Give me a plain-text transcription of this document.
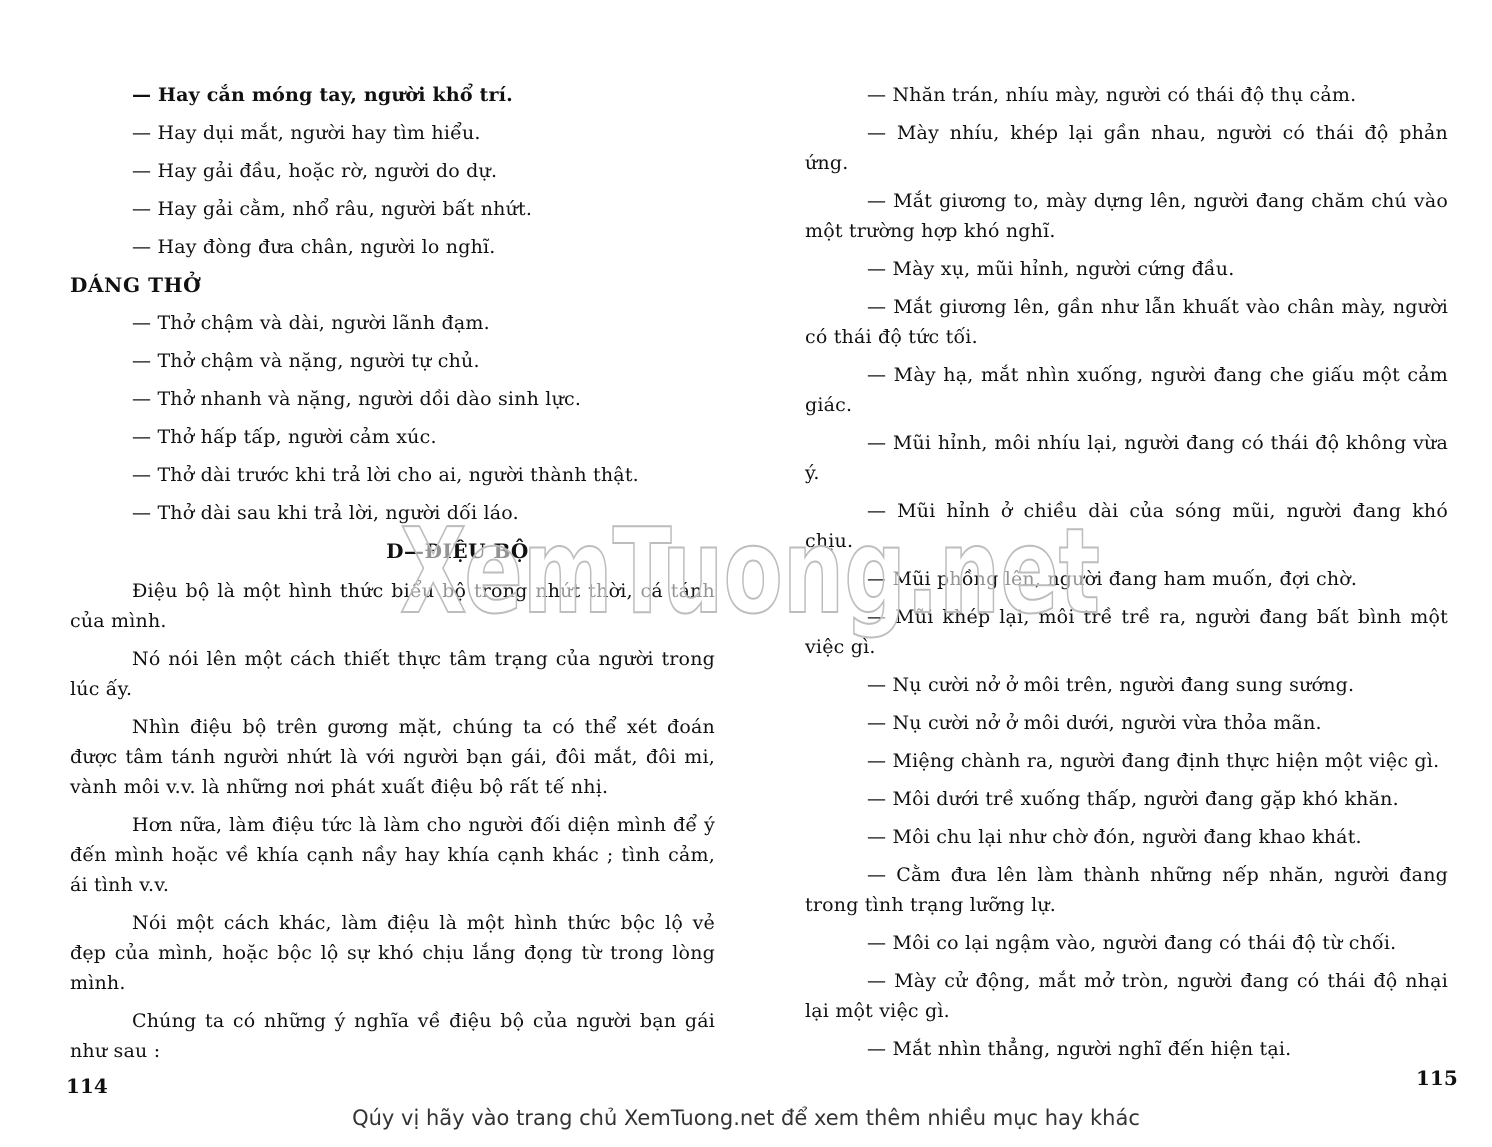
— Hay cắn móng tay, người khổ trí.

— Hay dụi mắt, người hay tìm hiểu.

— Hay gải đầu, hoặc rờ, người do dự.

— Hay gải cằm, nhổ râu, người bất nhứt.

— Hay đòng đưa chân, người lo nghĩ.

DÁNG THỞ

— Thở chậm và dài, người lãnh đạm.

— Thở chậm và nặng, người tự chủ.

— Thở nhanh và nặng, người dồi dào sinh lực.

— Thở hấp tấp, người cảm xúc.

— Thở dài trước khi trả lời cho ai, người thành thật.

— Thở dài sau khi trả lời, người dối láo.

D—ĐIỆU BỘ

Điệu bộ là một hình thức biểu bộ trong nhứt thời, cá tánh của mình.

Nó nói lên một cách thiết thực tâm trạng của người trong lúc ấy.

Nhìn điệu bộ trên gương mặt, chúng ta có thể xét đoán được tâm tánh người nhứt là với người bạn gái, đôi mắt, đôi mi, vành môi v.v. là những nơi phát xuất điệu bộ rất tế nhị.

Hơn nữa, làm điệu tức là làm cho người đối diện mình để ý đến mình hoặc về khía cạnh nầy hay khía cạnh khác ; tình cảm, ái tình v.v.

Nói một cách khác, làm điệu là một hình thức bộc lộ vẻ đẹp của mình, hoặc bộc lộ sự khó chịu lắng đọng từ trong lòng mình.

Chúng ta có những ý nghĩa về điệu bộ của người bạn gái như sau :

— Nhăn trán, nhíu mày, người có thái độ thụ cảm.

— Mày nhíu, khép lại gần nhau, người có thái độ phản ứng.

— Mắt giương to, mày dựng lên, người đang chăm chú vào một trường hợp khó nghĩ.

— Mày xụ, mũi hỉnh, người cứng đầu.

— Mắt giương lên, gần như lẫn khuất vào chân mày, người có thái độ tức tối.

— Mày hạ, mắt nhìn xuống, người đang che giấu một cảm giác.

— Mũi hỉnh, môi nhíu lại, người đang có thái độ không vừa ý.

— Mũi hỉnh ở chiều dài của sóng mũi, người đang khó chịu.

— Mũi phồng lên, người đang ham muốn, đợi chờ.

— Mũi khép lại, môi trề trề ra, người đang bất bình một việc gì.

— Nụ cười nở ở môi trên, người đang sung sướng.

— Nụ cười nở ở môi dưới, người vừa thỏa mãn.

— Miệng chành ra, người đang định thực hiện một việc gì.

— Môi dưới trề xuống thấp, người đang gặp khó khăn.

— Môi chu lại như chờ đón, người đang khao khát.

— Cằm đưa lên làm thành những nếp nhăn, người đang trong tình trạng lưỡng lự.

— Môi co lại ngậm vào, người đang có thái độ từ chối.

— Mày cử động, mắt mở tròn, người đang có thái độ nhại lại một việc gì.

— Mắt nhìn thẳng, người nghĩ đến hiện tại.

114	115
XemTuong.net
Qúy vị hãy vào trang chủ XemTuong.net để xem thêm nhiều mục hay khác
